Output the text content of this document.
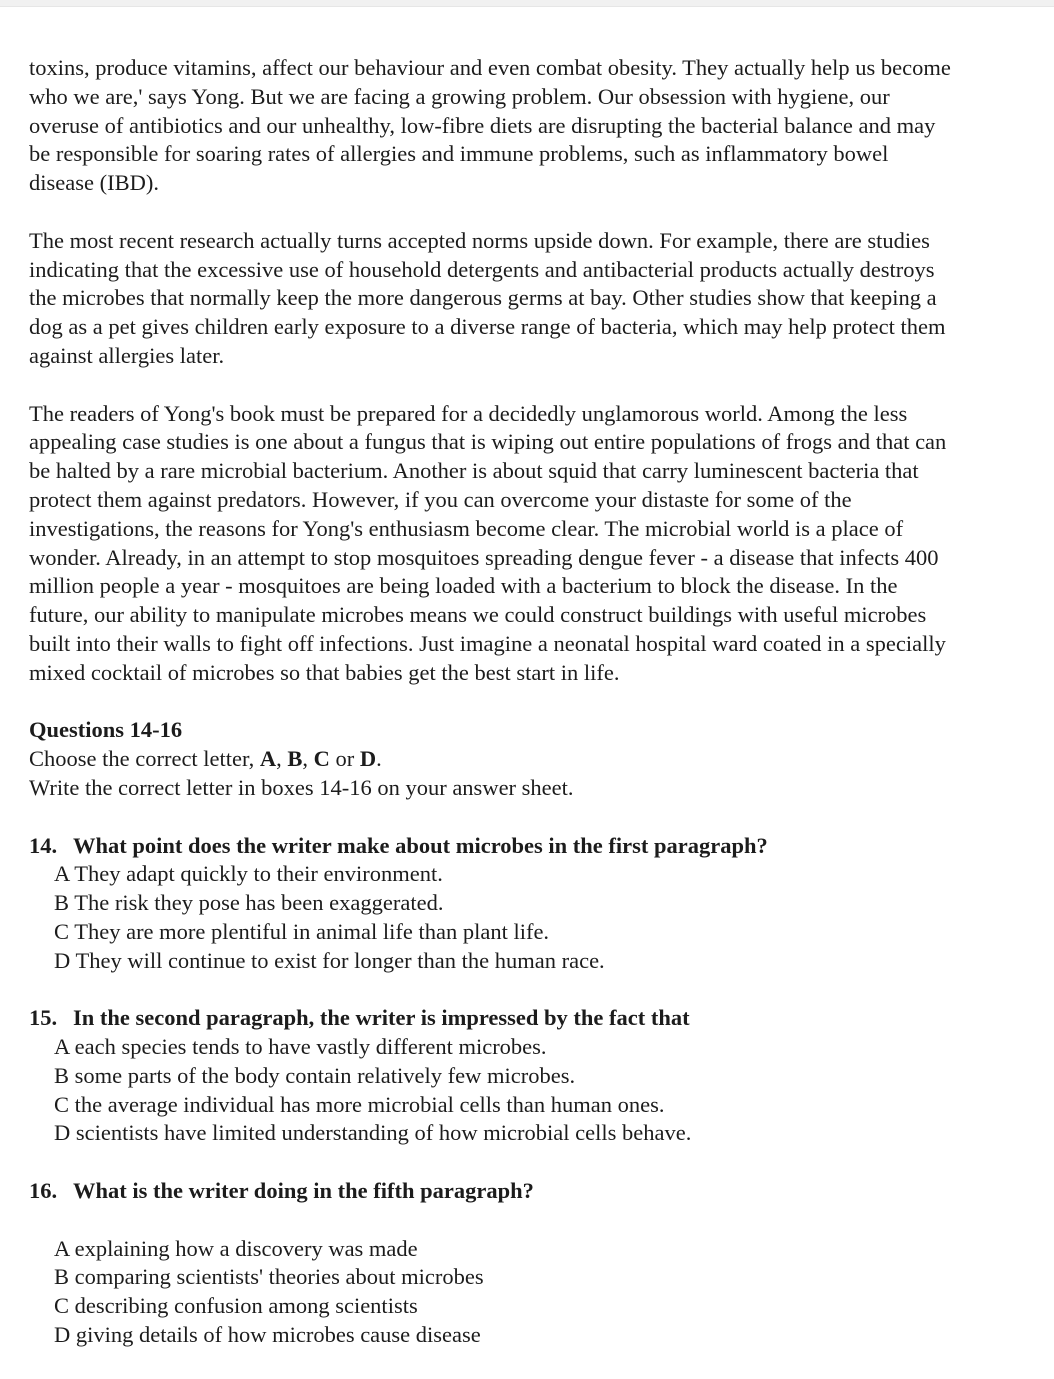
toxins, produce vitamins, affect our behaviour and even combat obesity. They actually help us become
who we are,' says Yong. But we are facing a growing problem. Our obsession with hygiene, our
overuse of antibiotics and our unhealthy, low-fibre diets are disrupting the bacterial balance and may
be responsible for soaring rates of allergies and immune problems, such as inflammatory bowel
disease (IBD).
The most recent research actually turns accepted norms upside down. For example, there are studies
indicating that the excessive use of household detergents and antibacterial products actually destroys
the microbes that normally keep the more dangerous germs at bay. Other studies show that keeping a
dog as a pet gives children early exposure to a diverse range of bacteria, which may help protect them
against allergies later.
The readers of Yong's book must be prepared for a decidedly unglamorous world. Among the less
appealing case studies is one about a fungus that is wiping out entire populations of frogs and that can
be halted by a rare microbial bacterium. Another is about squid that carry luminescent bacteria that
protect them against predators. However, if you can overcome your distaste for some of the
investigations, the reasons for Yong's enthusiasm become clear. The microbial world is a place of
wonder. Already, in an attempt to stop mosquitoes spreading dengue fever - a disease that infects 400
million people a year - mosquitoes are being loaded with a bacterium to block the disease. In the
future, our ability to manipulate microbes means we could construct buildings with useful microbes
built into their walls to fight off infections. Just imagine a neonatal hospital ward coated in a specially
mixed cocktail of microbes so that babies get the best start in life.
Questions 14-16
Choose the correct letter, A, B, C or D.
Write the correct letter in boxes 14-16 on your answer sheet.
14. What point does the writer make about microbes in the first paragraph?
A They adapt quickly to their environment.
B The risk they pose has been exaggerated.
C They are more plentiful in animal life than plant life.
D They will continue to exist for longer than the human race.
15. In the second paragraph, the writer is impressed by the fact that
A each species tends to have vastly different microbes.
B some parts of the body contain relatively few microbes.
C the average individual has more microbial cells than human ones.
D scientists have limited understanding of how microbial cells behave.
16. What is the writer doing in the fifth paragraph?
A explaining how a discovery was made
B comparing scientists' theories about microbes
C describing confusion among scientists
D giving details of how microbes cause disease
